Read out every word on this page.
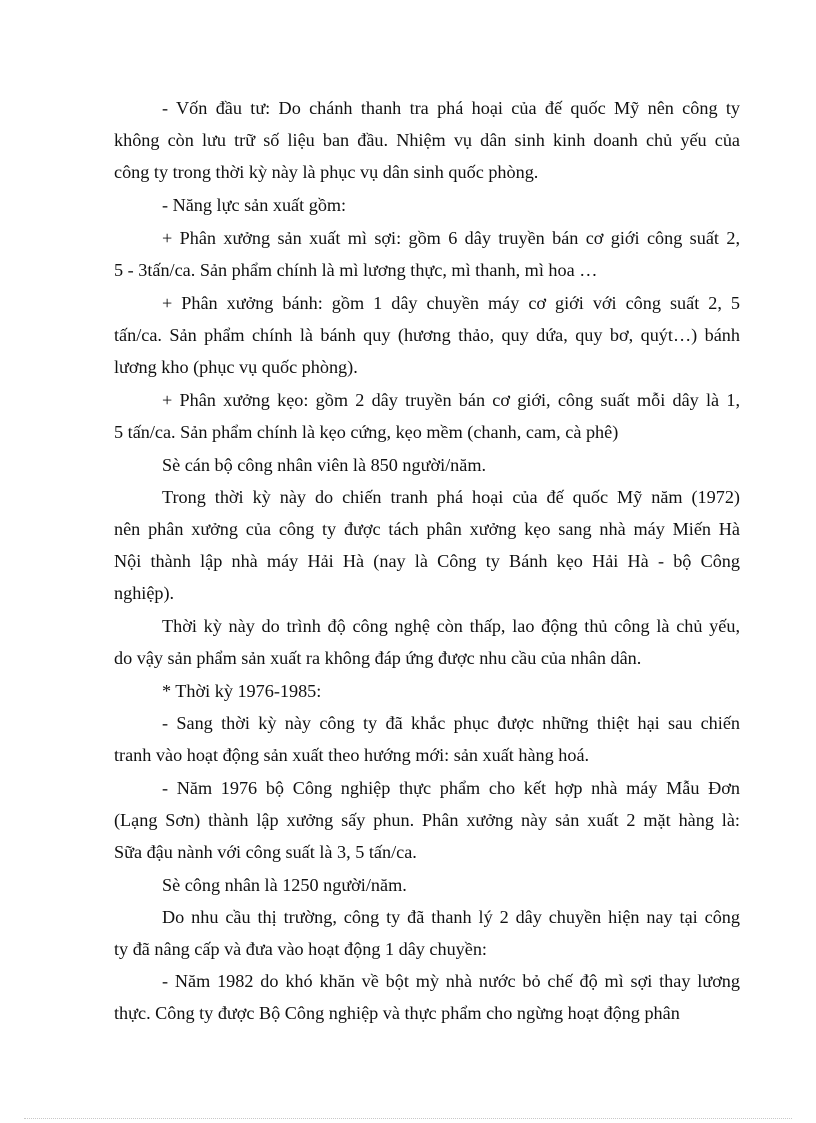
- Vốn đầu tư: Do chánh thanh tra phá hoại của đế quốc Mỹ nên công ty
không còn lưu trữ số liệu ban đầu. Nhiệm vụ dân sinh kinh doanh chủ yếu của
công ty trong thời kỳ này là phục vụ dân sinh quốc phòng.
- Năng lực sản xuất gồm:
+ Phân xưởng sản xuất mì sợi: gồm 6 dây truyền bán cơ giới công suất 2,
5 - 3tấn/ca. Sản phẩm chính là mì lương thực, mì thanh, mì hoa …
+ Phân xưởng bánh: gồm 1 dây chuyền máy cơ giới với công suất 2, 5
tấn/ca. Sản phẩm chính là bánh quy (hương thảo, quy dứa, quy bơ, quýt…) bánh
lương kho (phục vụ quốc phòng).
+ Phân xưởng kẹo: gồm 2 dây truyền bán cơ giới, công suất mỗi dây là 1,
5 tấn/ca. Sản phẩm chính là kẹo cứng, kẹo mềm (chanh, cam, cà phê)
Sè cán bộ công nhân viên là 850 người/năm.
Trong thời kỳ này do chiến tranh phá hoại của đế quốc Mỹ năm (1972)
nên phân xưởng của công ty được tách phân xưởng kẹo sang nhà máy Miến Hà
Nội thành lập nhà máy Hải Hà (nay là Công ty Bánh kẹo Hải Hà - bộ Công
nghiệp).
Thời kỳ này do trình độ công nghệ còn thấp, lao động thủ công là chủ yếu,
do vậy sản phẩm sản xuất ra không đáp ứng được nhu cầu của nhân dân.
* Thời kỳ 1976-1985:
- Sang thời kỳ này công ty đã khắc phục được những thiệt hại sau chiến
tranh vào hoạt động sản xuất theo hướng mới: sản xuất hàng hoá.
- Năm 1976 bộ Công nghiệp thực phẩm cho kết hợp nhà máy Mẫu Đơn
(Lạng Sơn) thành lập xưởng sấy phun. Phân xưởng này sản xuất 2 mặt hàng là:
Sữa đậu nành với công suất là 3, 5 tấn/ca.
Sè công nhân là 1250 người/năm.
Do nhu cầu thị trường, công ty đã thanh lý 2 dây chuyền hiện nay tại công
ty đã nâng cấp và đưa vào hoạt động 1 dây chuyền:
- Năm 1982 do khó khăn về bột mỳ nhà nước bỏ chế độ mì sợi thay lương
thực. Công ty được Bộ Công nghiệp và thực phẩm cho ngừng hoạt động phân
